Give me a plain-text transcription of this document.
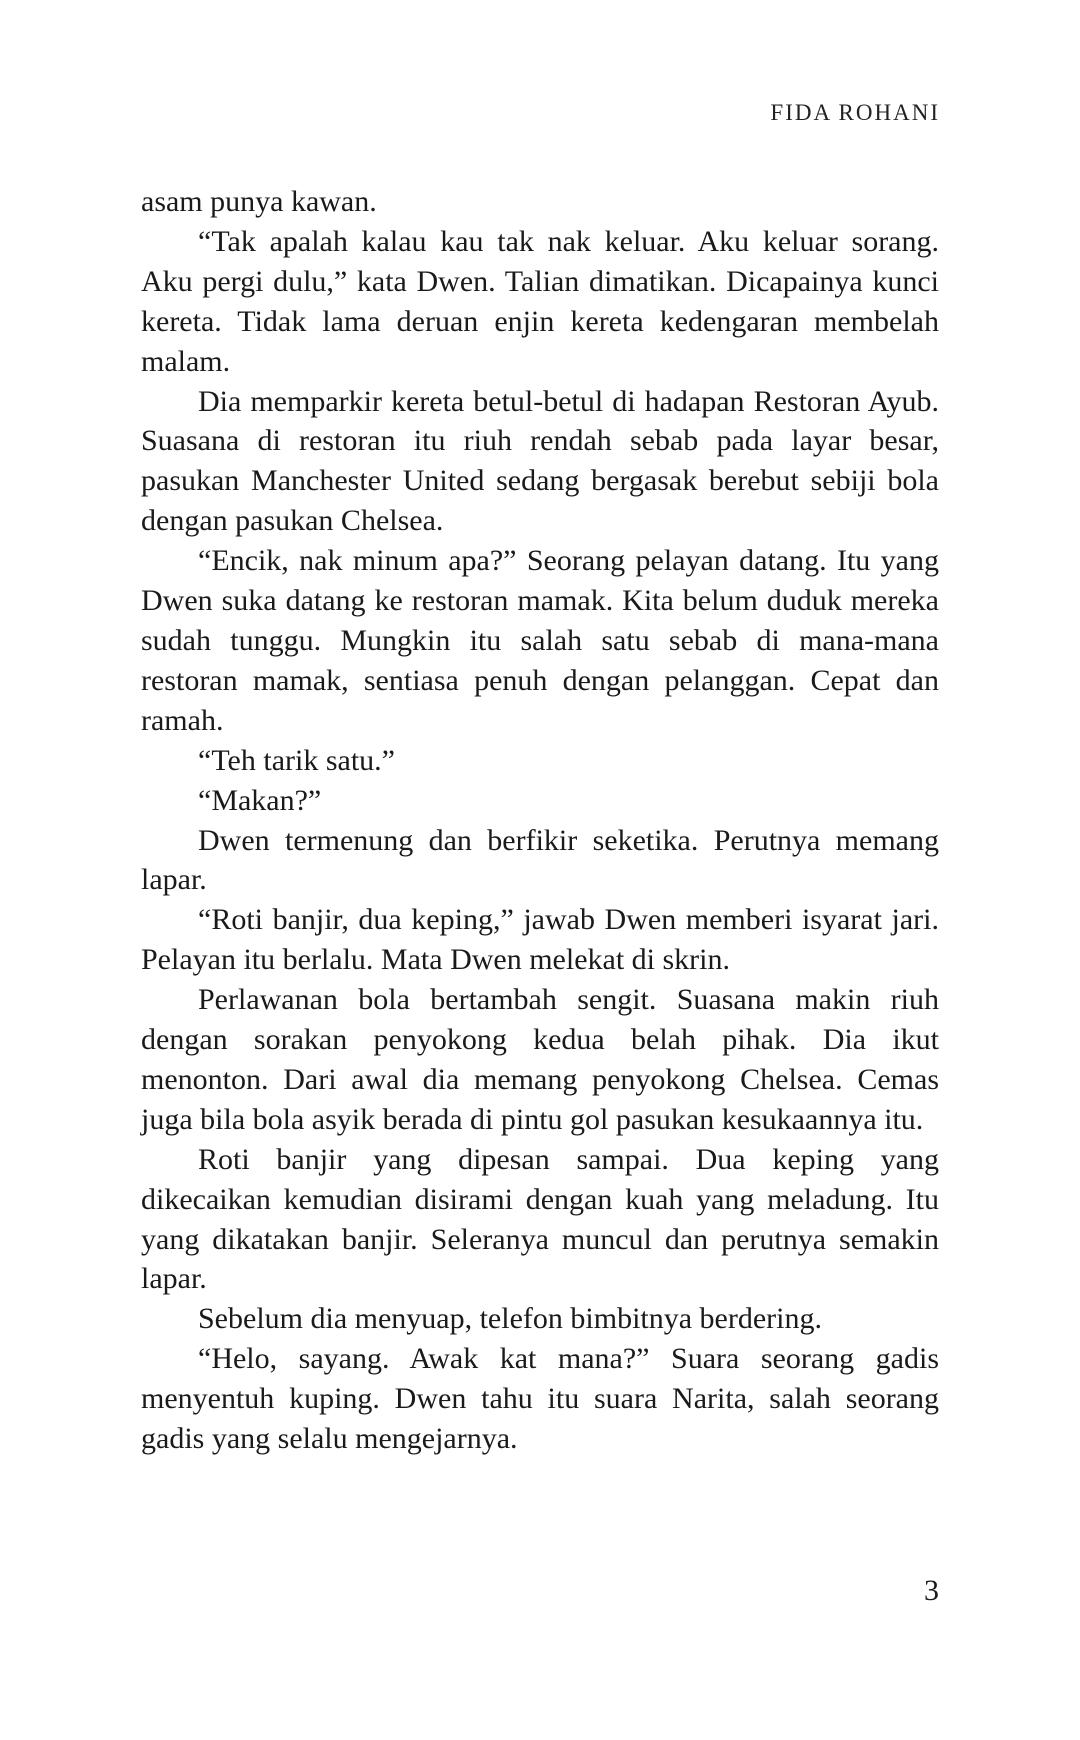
FIDA ROHANI

asam punya kawan.

“Tak apalah kalau kau tak nak keluar. Aku keluar sorang. Aku pergi dulu,” kata Dwen. Talian dimatikan. Dicapainya kunci kereta. Tidak lama deruan enjin kereta kedengaran membelah malam.

Dia memparkir kereta betul-betul di hadapan Restoran Ayub. Suasana di restoran itu riuh rendah sebab pada layar besar, pasukan Manchester United sedang bergasak berebut sebiji bola dengan pasukan Chelsea.

“Encik, nak minum apa?” Seorang pelayan datang. Itu yang Dwen suka datang ke restoran mamak. Kita belum duduk mereka sudah tunggu. Mungkin itu salah satu sebab di mana-mana restoran mamak, sentiasa penuh dengan pelanggan. Cepat dan ramah.

“Teh tarik satu.”

“Makan?”

Dwen termenung dan berfikir seketika. Perutnya memang lapar.

“Roti banjir, dua keping,” jawab Dwen memberi isyarat jari. Pelayan itu berlalu. Mata Dwen melekat di skrin.

Perlawanan bola bertambah sengit. Suasana makin riuh dengan sorakan penyokong kedua belah pihak. Dia ikut menonton. Dari awal dia memang penyokong Chelsea. Cemas juga bila bola asyik berada di pintu gol pasukan kesukaannya itu.

Roti banjir yang dipesan sampai. Dua keping yang dikecaikan kemudian disirami dengan kuah yang meladung. Itu yang dikatakan banjir. Seleranya muncul dan perutnya semakin lapar.

Sebelum dia menyuap, telefon bimbitnya berdering.

“Helo, sayang. Awak kat mana?” Suara seorang gadis menyentuh kuping. Dwen tahu itu suara Narita, salah seorang gadis yang selalu mengejarnya.

3
